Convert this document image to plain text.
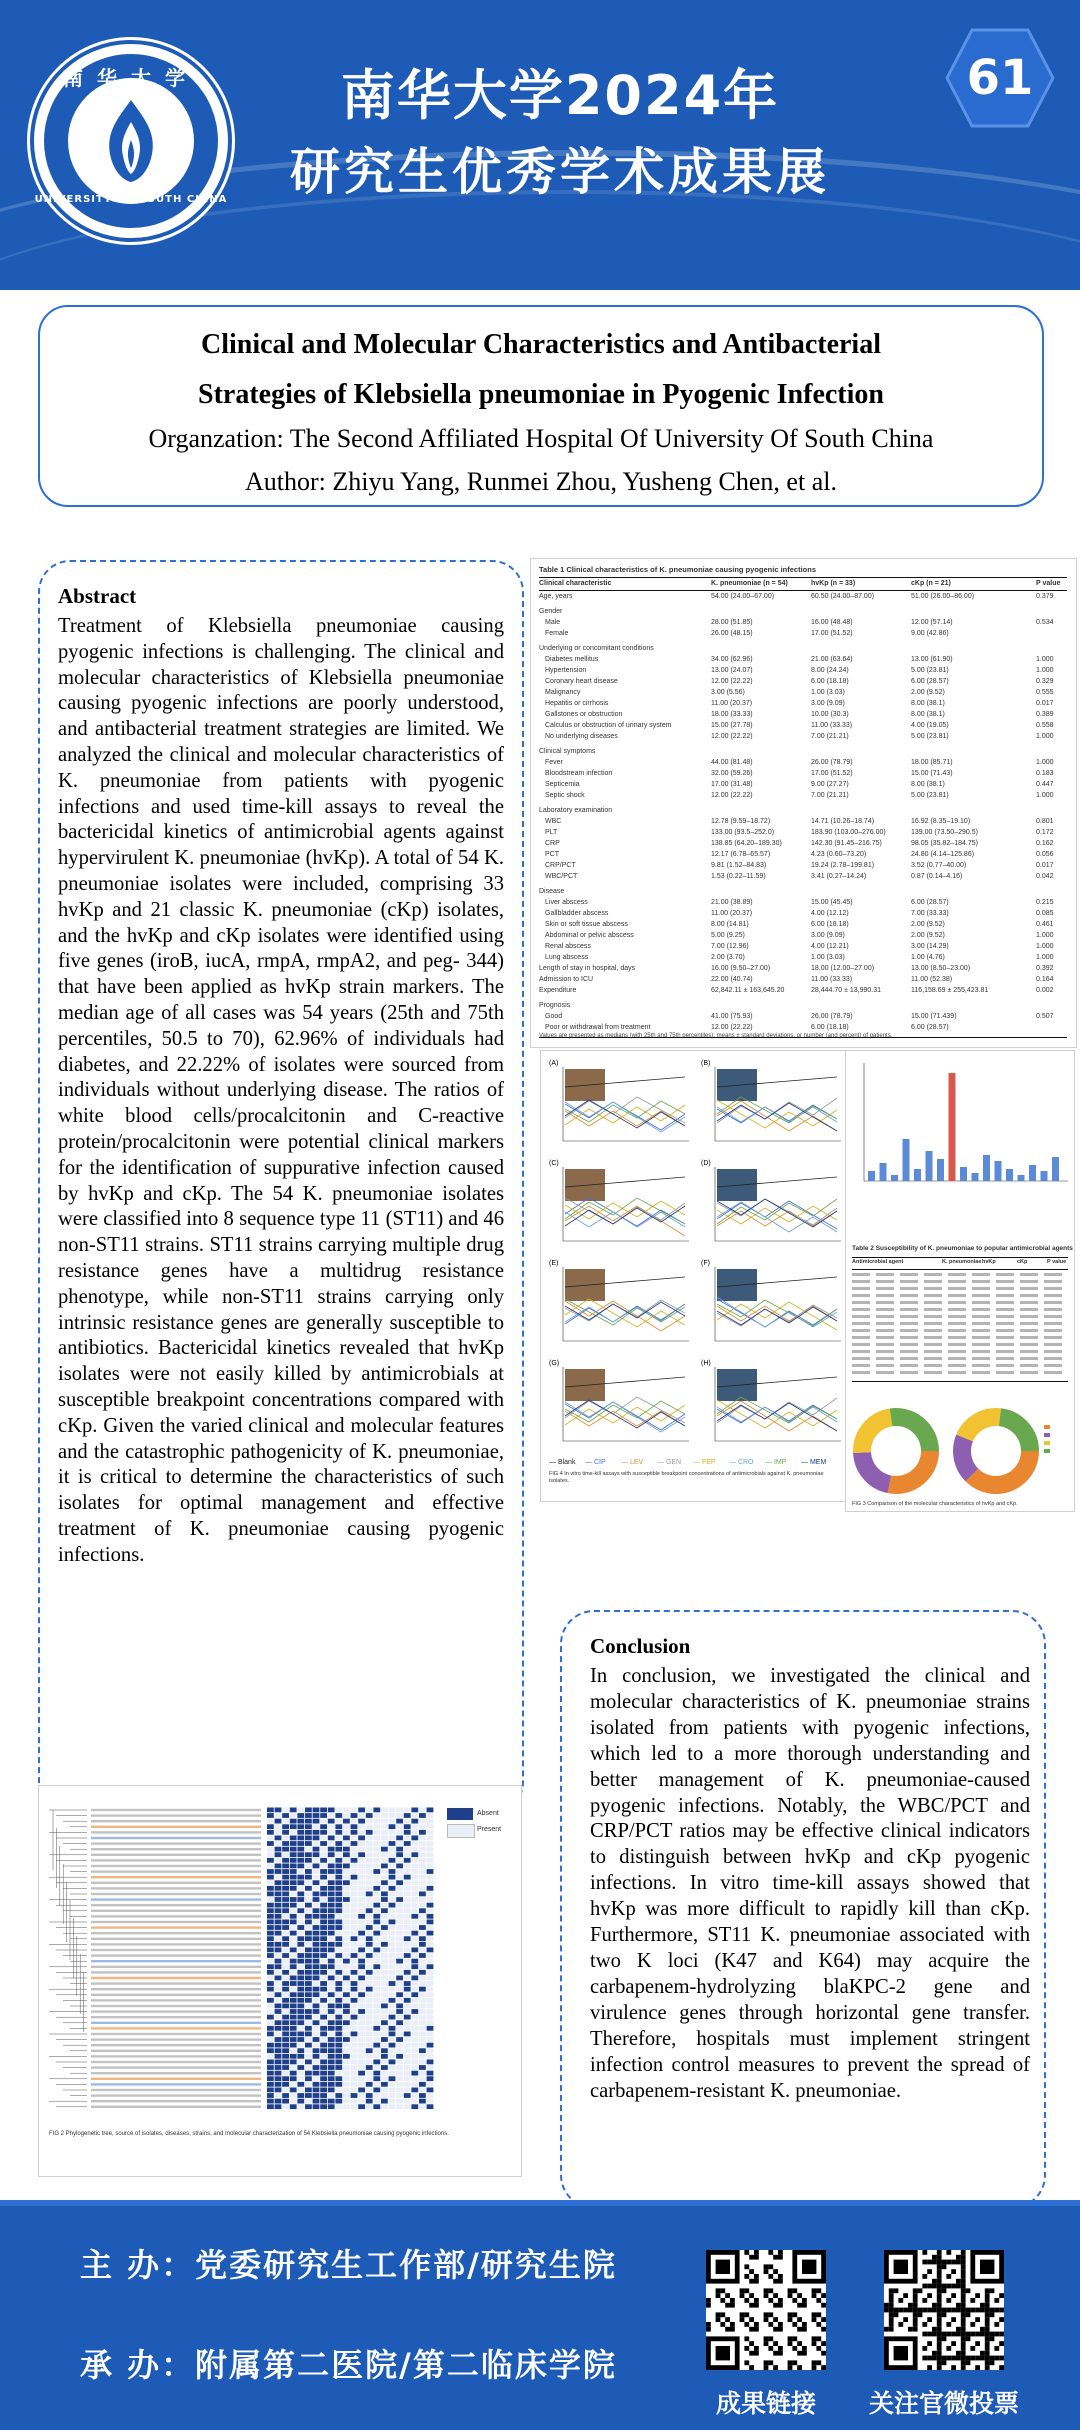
南华大学
UNIVERSITY OF SOUTH CHINA
南华大学2024年
研究生优秀学术成果展
61
Clinical and Molecular Characteristics and Antibacterial
Strategies of Klebsiella pneumoniae in Pyogenic Infection
Organzation: The Second Affiliated Hospital Of University Of South China
Author: Zhiyu Yang, Runmei Zhou, Yusheng Chen, et al.
Abstract

Treatment of Klebsiella pneumoniae causing pyogenic infections is challenging. The clinical and molecular characteristics of Klebsiella pneumoniae causing pyogenic infections are poorly understood, and antibacterial treatment strategies are limited. We analyzed the clinical and molecular characteristics of K. pneumoniae from patients with pyogenic infections and used time-kill assays to reveal the bactericidal kinetics of antimicrobial agents against hypervirulent K. pneumoniae (hvKp). A total of 54 K. pneumoniae isolates were included, comprising 33 hvKp and 21 classic K. pneumoniae (cKp) isolates, and the hvKp and cKp isolates were identified using five genes (iroB, iucA, rmpA, rmpA2, and peg- 344) that have been applied as hvKp strain markers. The median age of all cases was 54 years (25th and 75th percentiles, 50.5 to 70), 62.96% of individuals had diabetes, and 22.22% of isolates were sourced from individuals without underlying disease. The ratios of white blood cells/procalcitonin and C-reactive protein/procalcitonin were potential clinical markers for the identification of suppurative infection caused by hvKp and cKp. The 54 K. pneumoniae isolates were classified into 8 sequence type 11 (ST11) and 46 non-ST11 strains. ST11 strains carrying multiple drug resistance genes have a multidrug resistance phenotype, while non-ST11 strains carrying only intrinsic resistance genes are generally susceptible to antibiotics. Bactericidal kinetics revealed that hvKp isolates were not easily killed by antimicrobials at susceptible breakpoint concentrations compared with cKp. Given the varied clinical and molecular features and the catastrophic pathogenicity of K. pneumoniae, it is critical to determine the characteristics of such isolates for optimal management and effective treatment of K. pneumoniae causing pyogenic infections.

Table 1 Clinical characteristics of K. pneumoniae causing pyogenic infections
Clinical characteristic	K. pneumoniae (n = 54)	hvKp (n = 33)	cKp (n = 21)	P value
Age, years	54.00 (24.00–67.00)	60.50 (24.00–87.00)	51.00 (26.00–86.00)	0.379
Gender
Male	28.00 (51.85)	16.00 (48.48)	12.00 (57.14)	0.534
Female	26.00 (48.15)	17.00 (51.52)	9.00 (42.86)
Underlying or concomitant conditions
Diabetes mellitus	34.00 (62.96)	21.00 (63.64)	13.00 (61.90)	1.000
Hypertension	13.00 (24.07)	8.00 (24.24)	5.00 (23.81)	1.000
Coronary heart disease	12.00 (22.22)	6.00 (18.18)	6.00 (28.57)	0.329
Malignancy	3.00 (5.56)	1.00 (3.03)	2.00 (9.52)	0.555
Hepatitis or cirrhosis	11.00 (20.37)	3.00 (9.09)	8.00 (38.1)	0.017
Gallstones or obstruction	18.00 (33.33)	10.00 (30.3)	8.00 (38.1)	0.389
Calculus or obstruction of urinary system	15.00 (27.78)	11.00 (33.33)	4.00 (19.05)	0.558
No underlying diseases	12.00 (22.22)	7.00 (21.21)	5.00 (23.81)	1.000
Clinical symptoms
Fever	44.00 (81.48)	26.00 (78.79)	18.00 (85.71)	1.000
Bloodstream infection	32.00 (59.26)	17.00 (51.52)	15.00 (71.43)	0.183
Septicemia	17.00 (31.48)	9.00 (27.27)	8.00 (38.1)	0.447
Septic shock	12.00 (22.22)	7.00 (21.21)	5.00 (23.81)	1.000
Laboratory examination
WBC	12.78 (9.59–18.72)	14.71 (10.26–18.74)	16.92 (8.35–19.10)	0.801
PLT	133.00 (93.5–252.0)	183.90 (103.00–276.00)	139.00 (73.50–290.5)	0.172
CRP	138.85 (64.20–189.30)	142.30 (91.45–216.75)	98.05 (35.82–184.75)	0.162
PCT	12.17 (6.78–65.57)	4.23 (0.60–73.20)	24.80 (4.14–125.86)	0.056
CRP/PCT	9.81 (1.52–84.83)	19.24 (2.78–199.81)	3.52 (0.77–40.00)	0.017
WBC/PCT	1.53 (0.22–11.59)	3.41 (0.27–14.24)	0.87 (0.14–4.16)	0.042
Disease
Liver abscess	21.00 (38.89)	15.00 (45.45)	6.00 (28.57)	0.215
Gallbladder abscess	11.00 (20.37)	4.00 (12.12)	7.00 (33.33)	0.085
Skin or soft tissue abscess	8.00 (14.81)	6.00 (18.18)	2.00 (9.52)	0.461
Abdominal or pelvic abscess	5.00 (9.25)	3.00 (9.09)	2.00 (9.52)	1.000
Renal abscess	7.00 (12.96)	4.00 (12.21)	3.00 (14.29)	1.000
Lung abscess	2.00 (3.70)	1.00 (3.03)	1.00 (4.76)	1.000
Length of stay in hospital, days	16.00 (9.50–27.00)	18.00 (12.00–27.00)	13.00 (8.50–23.00)	0.392
Admission to ICU	22.00 (40.74)	11.00 (33.33)	11.00 (52.38)	0.164
Expenditure	62,842.11 ± 163,645.20	28,444.70 ± 13,990.31	116,158.69 ± 255,423.81	0.002
Prognosis
Good	41.00 (75.93)	26.00 (78.79)	15.00 (71.439)	0.507
Poor or withdrawal from treatment	12.00 (22.22)	6.00 (18.18)	6.00 (28.57)
Values are presented as medians (with 25th and 75th percentiles), means ± standard deviations, or number (and percent) of patients.
(A)	(B)
(C)	(D)
(E)	(F)
(G)	(H)
— Blank — CIP — LEV — GEN — FEP — CRO — IMP — MEM
FIG 4 In vitro time-kill assays with susceptible breakpoint concentrations of antimicrobials against K. pneumoniae isolates.
Table 2 Susceptibility of K. pneumoniae to popular antimicrobial agents
Antimicrobial agent	K. pneumoniae hvKp	cKp	P value
FIG 3 Comparison of the molecular characteristics of hvKp and cKp.
Absent
Present
FIG 2 Phylogenetic tree, source of isolates, diseases, strains, and molecular characterization of 54 Klebsiella pneumoniae causing pyogenic infections.
Conclusion

In conclusion, we investigated the clinical and molecular characteristics of K. pneumoniae strains isolated from patients with pyogenic infections, which led to a more thorough understanding and better management of K. pneumoniae-caused pyogenic infections. Notably, the WBC/PCT and CRP/PCT ratios may be effective clinical indicators to distinguish between hvKp and cKp pyogenic infections. In vitro time-kill assays showed that hvKp was more difficult to rapidly kill than cKp. Furthermore, ST11 K. pneumoniae associated with two K loci (K47 and K64) may acquire the carbapenem-hydrolyzing blaKPC-2 gene and virulence genes through horizontal gene transfer. Therefore, hospitals must implement stringent infection control measures to prevent the spread of carbapenem-resistant K. pneumoniae.

主 办：党委研究生工作部/研究生院
承 办：附属第二医院/第二临床学院
成果链接	关注官微投票
